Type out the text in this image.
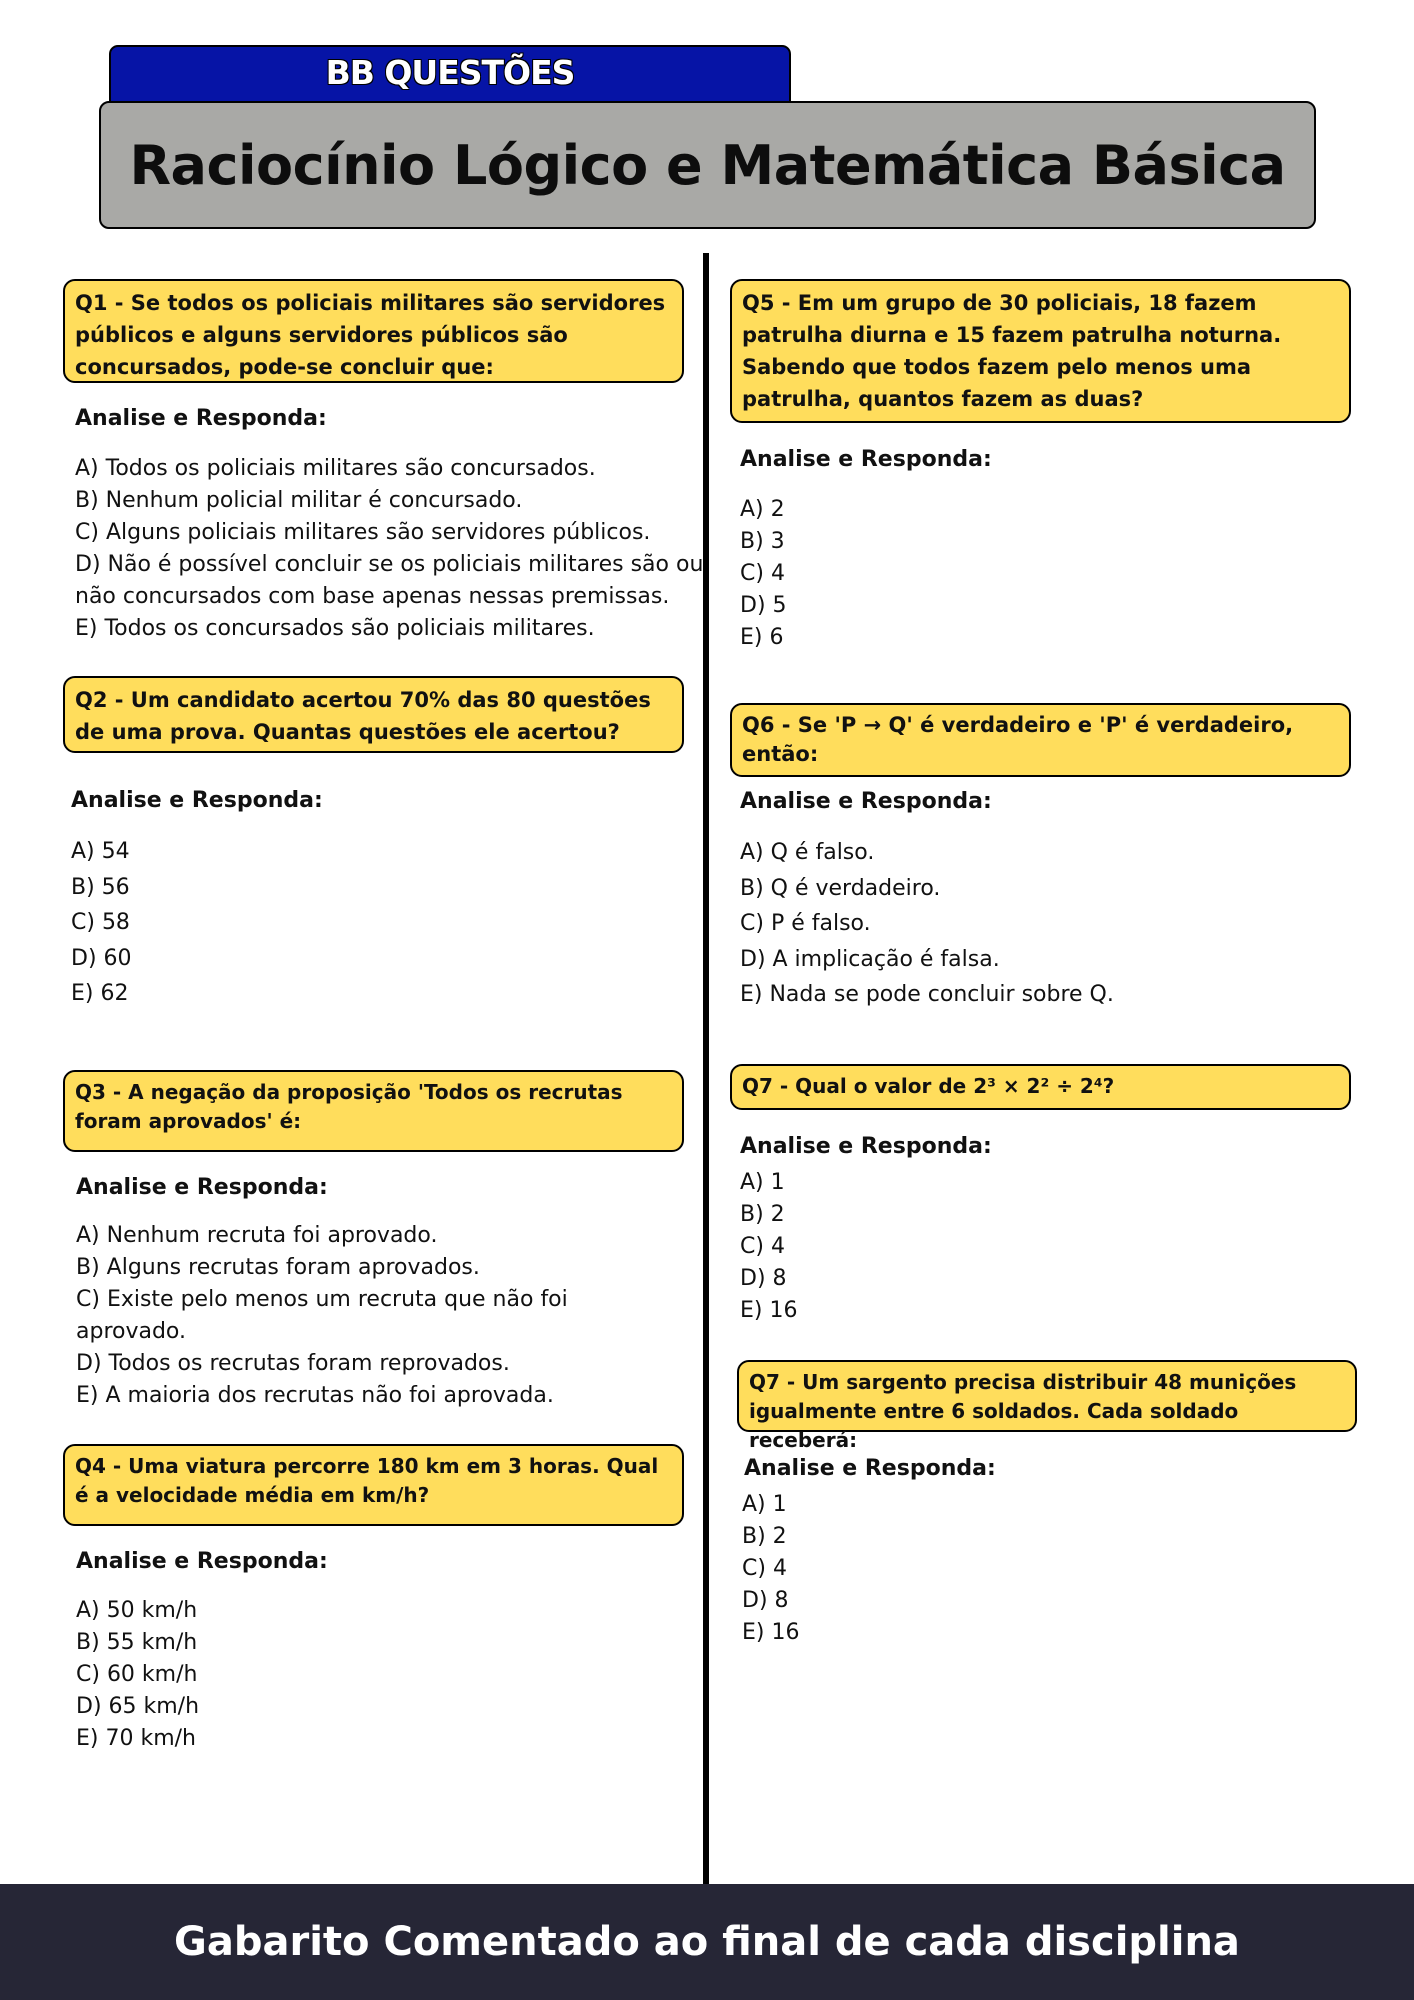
BB QUESTÕES
Raciocínio Lógico e Matemática Básica

Q1 - Se todos os policiais militares são servidores públicos e alguns servidores públicos são concursados, pode-se concluir que:

Analise e Responda:

A) Todos os policiais militares são concursados.
B) Nenhum policial militar é concursado.
C) Alguns policiais militares são servidores públicos.
D) Não é possível concluir se os policiais militares são ou não concursados com base apenas nessas premissas.
E) Todos os concursados são policiais militares.

Q2 - Um candidato acertou 70% das 80 questões de uma prova. Quantas questões ele acertou?

Analise e Responda:

A) 54
B) 56
C) 58
D) 60
E) 62

Q3 - A negação da proposição 'Todos os recrutas foram aprovados' é:

Analise e Responda:

A) Nenhum recruta foi aprovado.
B) Alguns recrutas foram aprovados.
C) Existe pelo menos um recruta que não foi aprovado.
D) Todos os recrutas foram reprovados.
E) A maioria dos recrutas não foi aprovada.

Q4 - Uma viatura percorre 180 km em 3 horas. Qual é a velocidade média em km/h?

Analise e Responda:

A) 50 km/h
B) 55 km/h
C) 60 km/h
D) 65 km/h
E) 70 km/h

Q5 - Em um grupo de 30 policiais, 18 fazem patrulha diurna e 15 fazem patrulha noturna. Sabendo que todos fazem pelo menos uma patrulha, quantos fazem as duas?

Analise e Responda:

A) 2
B) 3
C) 4
D) 5
E) 6

Q6 - Se 'P → Q' é verdadeiro e 'P' é verdadeiro, então:

Analise e Responda:

A) Q é falso.
B) Q é verdadeiro.
C) P é falso.
D) A implicação é falsa.
E) Nada se pode concluir sobre Q.

Q7 - Qual o valor de 2³ × 2² ÷ 2⁴?

Analise e Responda:

A) 1
B) 2
C) 4
D) 8
E) 16

Q7 - Um sargento precisa distribuir 48 munições igualmente entre 6 soldados. Cada soldado receberá:

Analise e Responda:

A) 1
B) 2
C) 4
D) 8
E) 16
Gabarito Comentado ao final de cada disciplina
